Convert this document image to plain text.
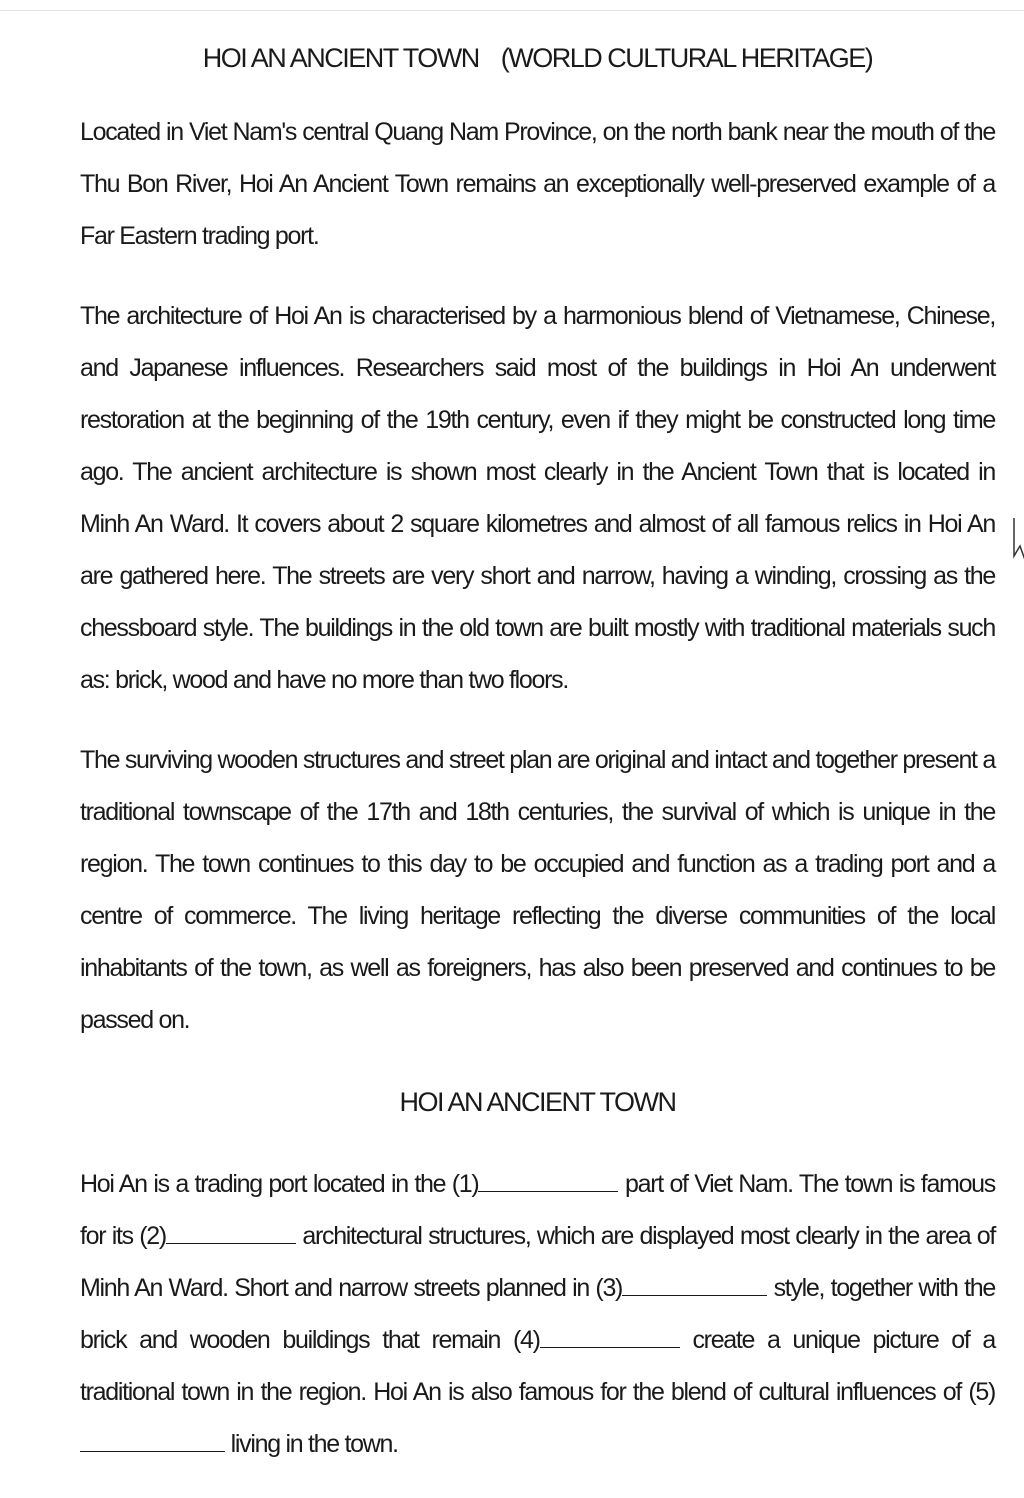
HOI AN ANCIENT TOWN (WORLD CULTURAL HERITAGE)

Located in Viet Nam's central Quang Nam Province, on the north bank near the mouth of the Thu Bon River, Hoi An Ancient Town remains an exceptionally well-preserved example of a Far Eastern trading port.

The architecture of Hoi An is characterised by a harmonious blend of Vietnamese, Chinese, and Japanese influences. Researchers said most of the buildings in Hoi An underwent restoration at the beginning of the 19th century, even if they might be constructed long time ago. The ancient architecture is shown most clearly in the Ancient Town that is located in Minh An Ward. It covers about 2 square kilometres and almost of all famous relics in Hoi An are gathered here. The streets are very short and narrow, having a winding, crossing as the chessboard style. The buildings in the old town are built mostly with traditional materials such as: brick, wood and have no more than two floors.

The surviving wooden structures and street plan are original and intact and together present a traditional townscape of the 17th and 18th centuries, the survival of which is unique in the region. The town continues to this day to be occupied and function as a trading port and a centre of commerce. The living heritage reflecting the diverse communities of the local inhabitants of the town, as well as foreigners, has also been preserved and continues to be passed on.

HOI AN ANCIENT TOWN

Hoi An is a trading port located in the (1)	part of Viet Nam. The town is famous for its (2)	architectural structures, which are displayed most clearly in the area of Minh An Ward. Short and narrow streets planned in (3)	style, together with the brick and wooden buildings that remain (4)	create a unique picture of a traditional town in the region. Hoi An is also famous for the blend of cultural influences of (5) living in the town.
